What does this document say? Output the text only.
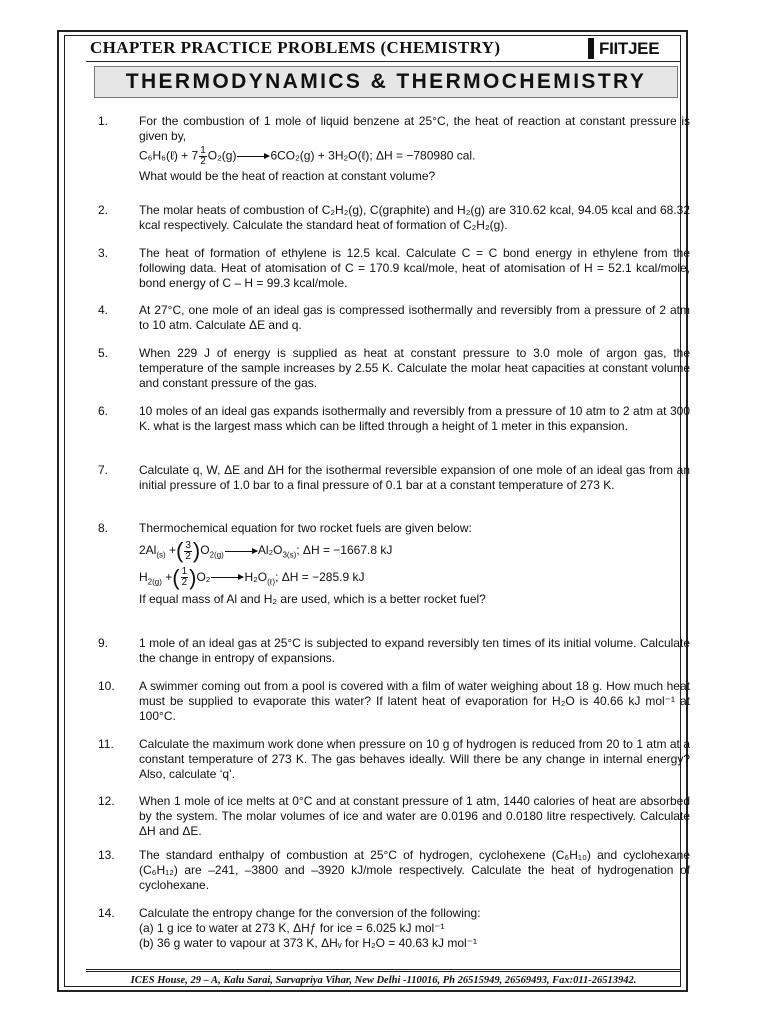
CHAPTER PRACTICE PROBLEMS (CHEMISTRY)	FIITJEE
THERMODYNAMICS & THERMOCHEMISTRY
1.	For the combustion of 1 mole of liquid benzene at 25°C, the heat of reaction at constant pressure is given by,

C₆H₆(ℓ) + $7 \frac{1}{2} O_2(g)\to 6CO_2(g)$ + 3H₂O(ℓ); ΔH = −780980 cal.

What would be the heat of reaction at constant volume?

2.	The molar heats of combustion of C₂H₂(g), C(graphite) and H₂(g) are 310.62 kcal, 94.05 kcal and 68.32 kcal respectively. Calculate the standard heat of formation of C₂H₂(g).
3.	The heat of formation of ethylene is 12.5 kcal. Calculate C = C bond energy in ethylene from the following data. Heat of atomisation of C = 170.9 kcal/mole, heat of atomisation of H = 52.1 kcal/mole, bond energy of C – H = 99.3 kcal/mole.
4.	At 27°C, one mole of an ideal gas is compressed isothermally and reversibly from a pressure of 2 atm to 10 atm. Calculate ΔE and q.
5.	When 229 J of energy is supplied as heat at constant pressure to 3.0 mole of argon gas, the temperature of the sample increases by 2.55 K. Calculate the molar heat capacities at constant volume and constant pressure of the gas.
6.	10 moles of an ideal gas expands isothermally and reversibly from a pressure of 10 atm to 2 atm at 300 K. what is the largest mass which can be lifted through a height of 1 meter in this expansion.
7.	Calculate q, W, ΔE and ΔH for the isothermal reversible expansion of one mole of an ideal gas from an initial pressure of 1.0 bar to a final pressure of 0.1 bar at a constant temperature of 273 K.
8.	Thermochemical equation for two rocket fuels are given below:

$2Al_{(s)}$ +( $\frac{3}{2} )O_{2(g)}\to Al_2O_{3(s)}$; ΔH = −1667.8 kJ
$H_{2(g)}$ +( $\frac{1}{2} )O_2\to H_2O_{(\ell)}$; ΔH = −285.9 kJ

If equal mass of Al and H₂ are used, which is a better rocket fuel?

9.	1 mole of an ideal gas at 25°C is subjected to expand reversibly ten times of its initial volume. Calculate the change in entropy of expansions.
10.	A swimmer coming out from a pool is covered with a film of water weighing about 18 g. How much heat must be supplied to evaporate this water? If latent heat of evaporation for H₂O is 40.66 kJ mol⁻¹ at 100°C.
11.	Calculate the maximum work done when pressure on 10 g of hydrogen is reduced from 20 to 1 atm at a constant temperature of 273 K. The gas behaves ideally. Will there be any change in internal energy? Also, calculate ‘q’.
12.	When 1 mole of ice melts at 0°C and at constant pressure of 1 atm, 1440 calories of heat are absorbed by the system. The molar volumes of ice and water are 0.0196 and 0.0180 litre respectively. Calculate ΔH and ΔE.
13.	The standard enthalpy of combustion at 25°C of hydrogen, cyclohexene (C₆H₁₀) and cyclohexane (C₆H₁₂) are –241, –3800 and –3920 kJ/mole respectively. Calculate the heat of hydrogenation of cyclohexane.
14.	Calculate the entropy change for the conversion of the following:

(a) 1 g ice to water at 273 K, ΔHƒ for ice = 6.025 kJ mol⁻¹

(b) 36 g water to vapour at 373 K, ΔHᵥ for H₂O = 40.63 kJ mol⁻¹

ICES House, 29 – A, Kalu Sarai, Sarvapriya Vihar, New Delhi -110016, Ph 26515949, 26569493, Fax:011-26513942.
